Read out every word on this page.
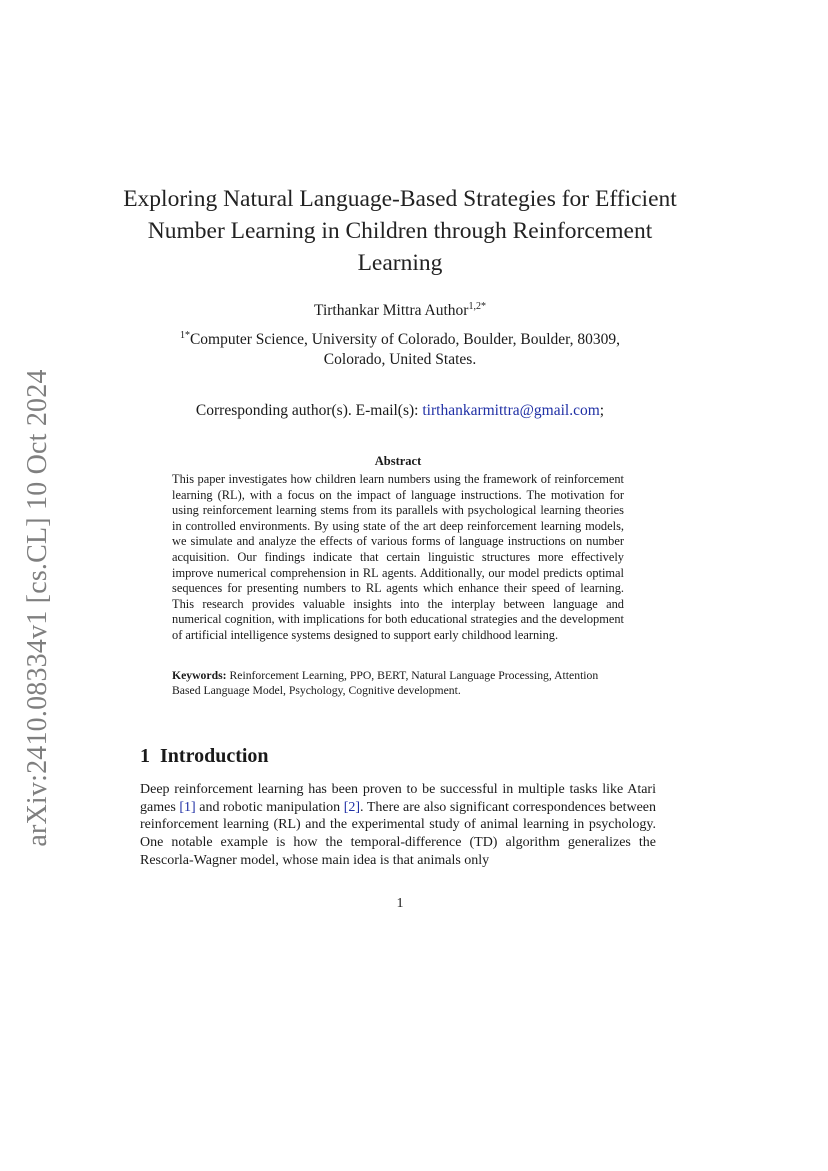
arXiv:2410.08334v1 [cs.CL] 10 Oct 2024
Exploring Natural Language-Based Strategies for Efficient Number Learning in Children through Reinforcement Learning
Tirthankar Mittra Author$^{1,2*}$
$^{1*}$Computer Science, University of Colorado, Boulder, Boulder, 80309, Colorado, United States.
Corresponding author(s). E-mail(s): tirthankarmittra@gmail.com;
Abstract
This paper investigates how children learn numbers using the framework of reinforcement learning (RL), with a focus on the impact of language instructions. The motivation for using reinforcement learning stems from its parallels with psychological learning theories in controlled environments. By using state of the art deep reinforcement learning models, we simulate and analyze the effects of various forms of language instructions on number acquisition. Our findings indicate that certain linguistic structures more effectively improve numerical comprehension in RL agents. Additionally, our model predicts optimal sequences for presenting numbers to RL agents which enhance their speed of learning. This research provides valuable insights into the interplay between language and numerical cognition, with implications for both educational strategies and the development of artificial intelligence systems designed to support early childhood learning.
Keywords: Reinforcement Learning, PPO, BERT, Natural Language Processing, Attention Based Language Model, Psychology, Cognitive development.
1 Introduction
Deep reinforcement learning has been proven to be successful in multiple tasks like Atari games [1] and robotic manipulation [2]. There are also significant correspondences between reinforcement learning (RL) and the experimental study of animal learning in psychology. One notable example is how the temporal-difference (TD) algorithm generalizes the Rescorla-Wagner model, whose main idea is that animals only
1
